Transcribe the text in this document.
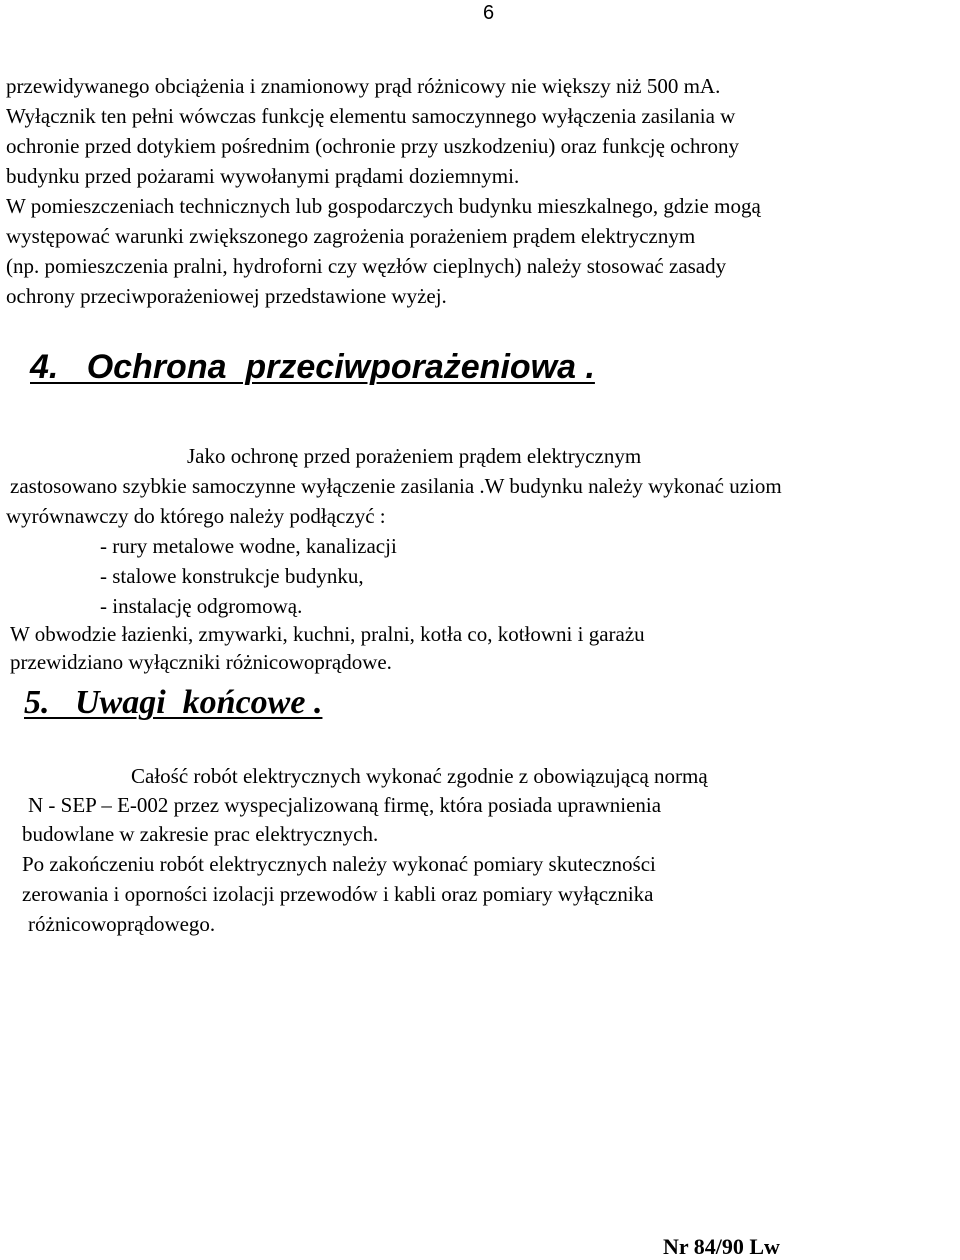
6
przewidywanego obciążenia i znamionowy prąd różnicowy nie większy niż 500 mA.
Wyłącznik ten pełni wówczas funkcję elementu samoczynnego wyłączenia zasilania w
ochronie przed dotykiem pośrednim (ochronie przy uszkodzeniu) oraz funkcję ochrony
budynku przed pożarami wywołanymi prądami doziemnymi.
W pomieszczeniach technicznych lub gospodarczych budynku mieszkalnego, gdzie mogą
występować warunki zwiększonego zagrożenia porażeniem prądem elektrycznym
(np. pomieszczenia pralni, hydroforni czy węzłów cieplnych) należy stosować zasady
ochrony przeciwporażeniowej przedstawione wyżej.
4.   Ochrona  przeciwporażeniowa .
Jako ochronę przed porażeniem prądem elektrycznym
zastosowano szybkie samoczynne wyłączenie zasilania .W budynku należy wykonać uziom
wyrównawczy do którego należy podłączyć :
- rury metalowe wodne, kanalizacji
- stalowe konstrukcje budynku,
- instalację odgromową.
W obwodzie łazienki, zmywarki, kuchni, pralni, kotła co, kotłowni i garażu
przewidziano wyłączniki różnicowoprądowe.
5.   Uwagi  końcowe .
Całość robót elektrycznych wykonać zgodnie z obowiązującą normą
N - SEP – E-002 przez wyspecjalizowaną firmę, która posiada uprawnienia
budowlane w zakresie prac elektrycznych.
Po zakończeniu robót elektrycznych należy wykonać pomiary skuteczności
zerowania i oporności izolacji przewodów i kabli oraz pomiary wyłącznika
różnicowoprądowego.
Nr 84/90 Lw
